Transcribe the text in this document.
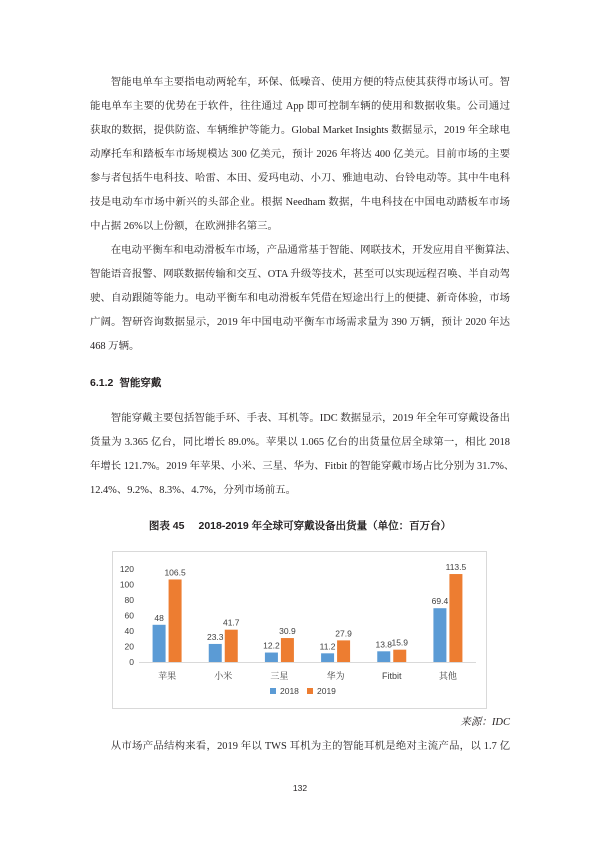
智能电单车主要指电动两轮车，环保、低噪音、使用方便的特点使其获得市场认可。智
能电单车主要的优势在于软件，往往通过 App 即可控制车辆的使用和数据收集。公司通过
获取的数据，提供防盗、车辆维护等能力。Global Market Insights 数据显示，2019 年全球电
动摩托车和踏板车市场规模达 300 亿美元，预计 2026 年将达 400 亿美元。目前市场的主要
参与者包括牛电科技、哈雷、本田、爱玛电动、小刀、雅迪电动、台铃电动等。其中牛电科
技是电动车市场中新兴的头部企业。根据 Needham 数据，牛电科技在中国电动踏板车市场
中占据 26%以上份额，在欧洲排名第三。
在电动平衡车和电动滑板车市场，产品通常基于智能、网联技术，开发应用自平衡算法、
智能语音报警、网联数据传输和交互、OTA 升级等技术，甚至可以实现远程召唤、半自动驾
驶、自动跟随等能力。电动平衡车和电动滑板车凭借在短途出行上的便捷、新奇体验，市场
广阔。智研咨询数据显示，2019 年中国电动平衡车市场需求量为 390 万辆，预计 2020 年达
468 万辆。
6.1.2 智能穿戴
智能穿戴主要包括智能手环、手表、耳机等。IDC 数据显示，2019 年全年可穿戴设备出
货量为 3.365 亿台，同比增长 89.0%。苹果以 1.065 亿台的出货量位居全球第一，相比 2018
年增长 121.7%。2019 年苹果、小米、三星、华为、Fitbit 的智能穿戴市场占比分别为 31.7%、
12.4%、9.2%、8.3%、4.7%，分列市场前五。
图表 45 2018-2019 年全球可穿戴设备出货量（单位：百万台）
0
20
40
60
80
100
120
48
106.5
苹果
23.3
41.7
小米
12.2
30.9
三星
11.2
27.9
华为
13.8 15.9
Fitbit
69.4
113.5
其他
2018 2019
来源：IDC
从市场产品结构来看，2019 年以 TWS 耳机为主的智能耳机是绝对主流产品，以 1.7 亿
132
